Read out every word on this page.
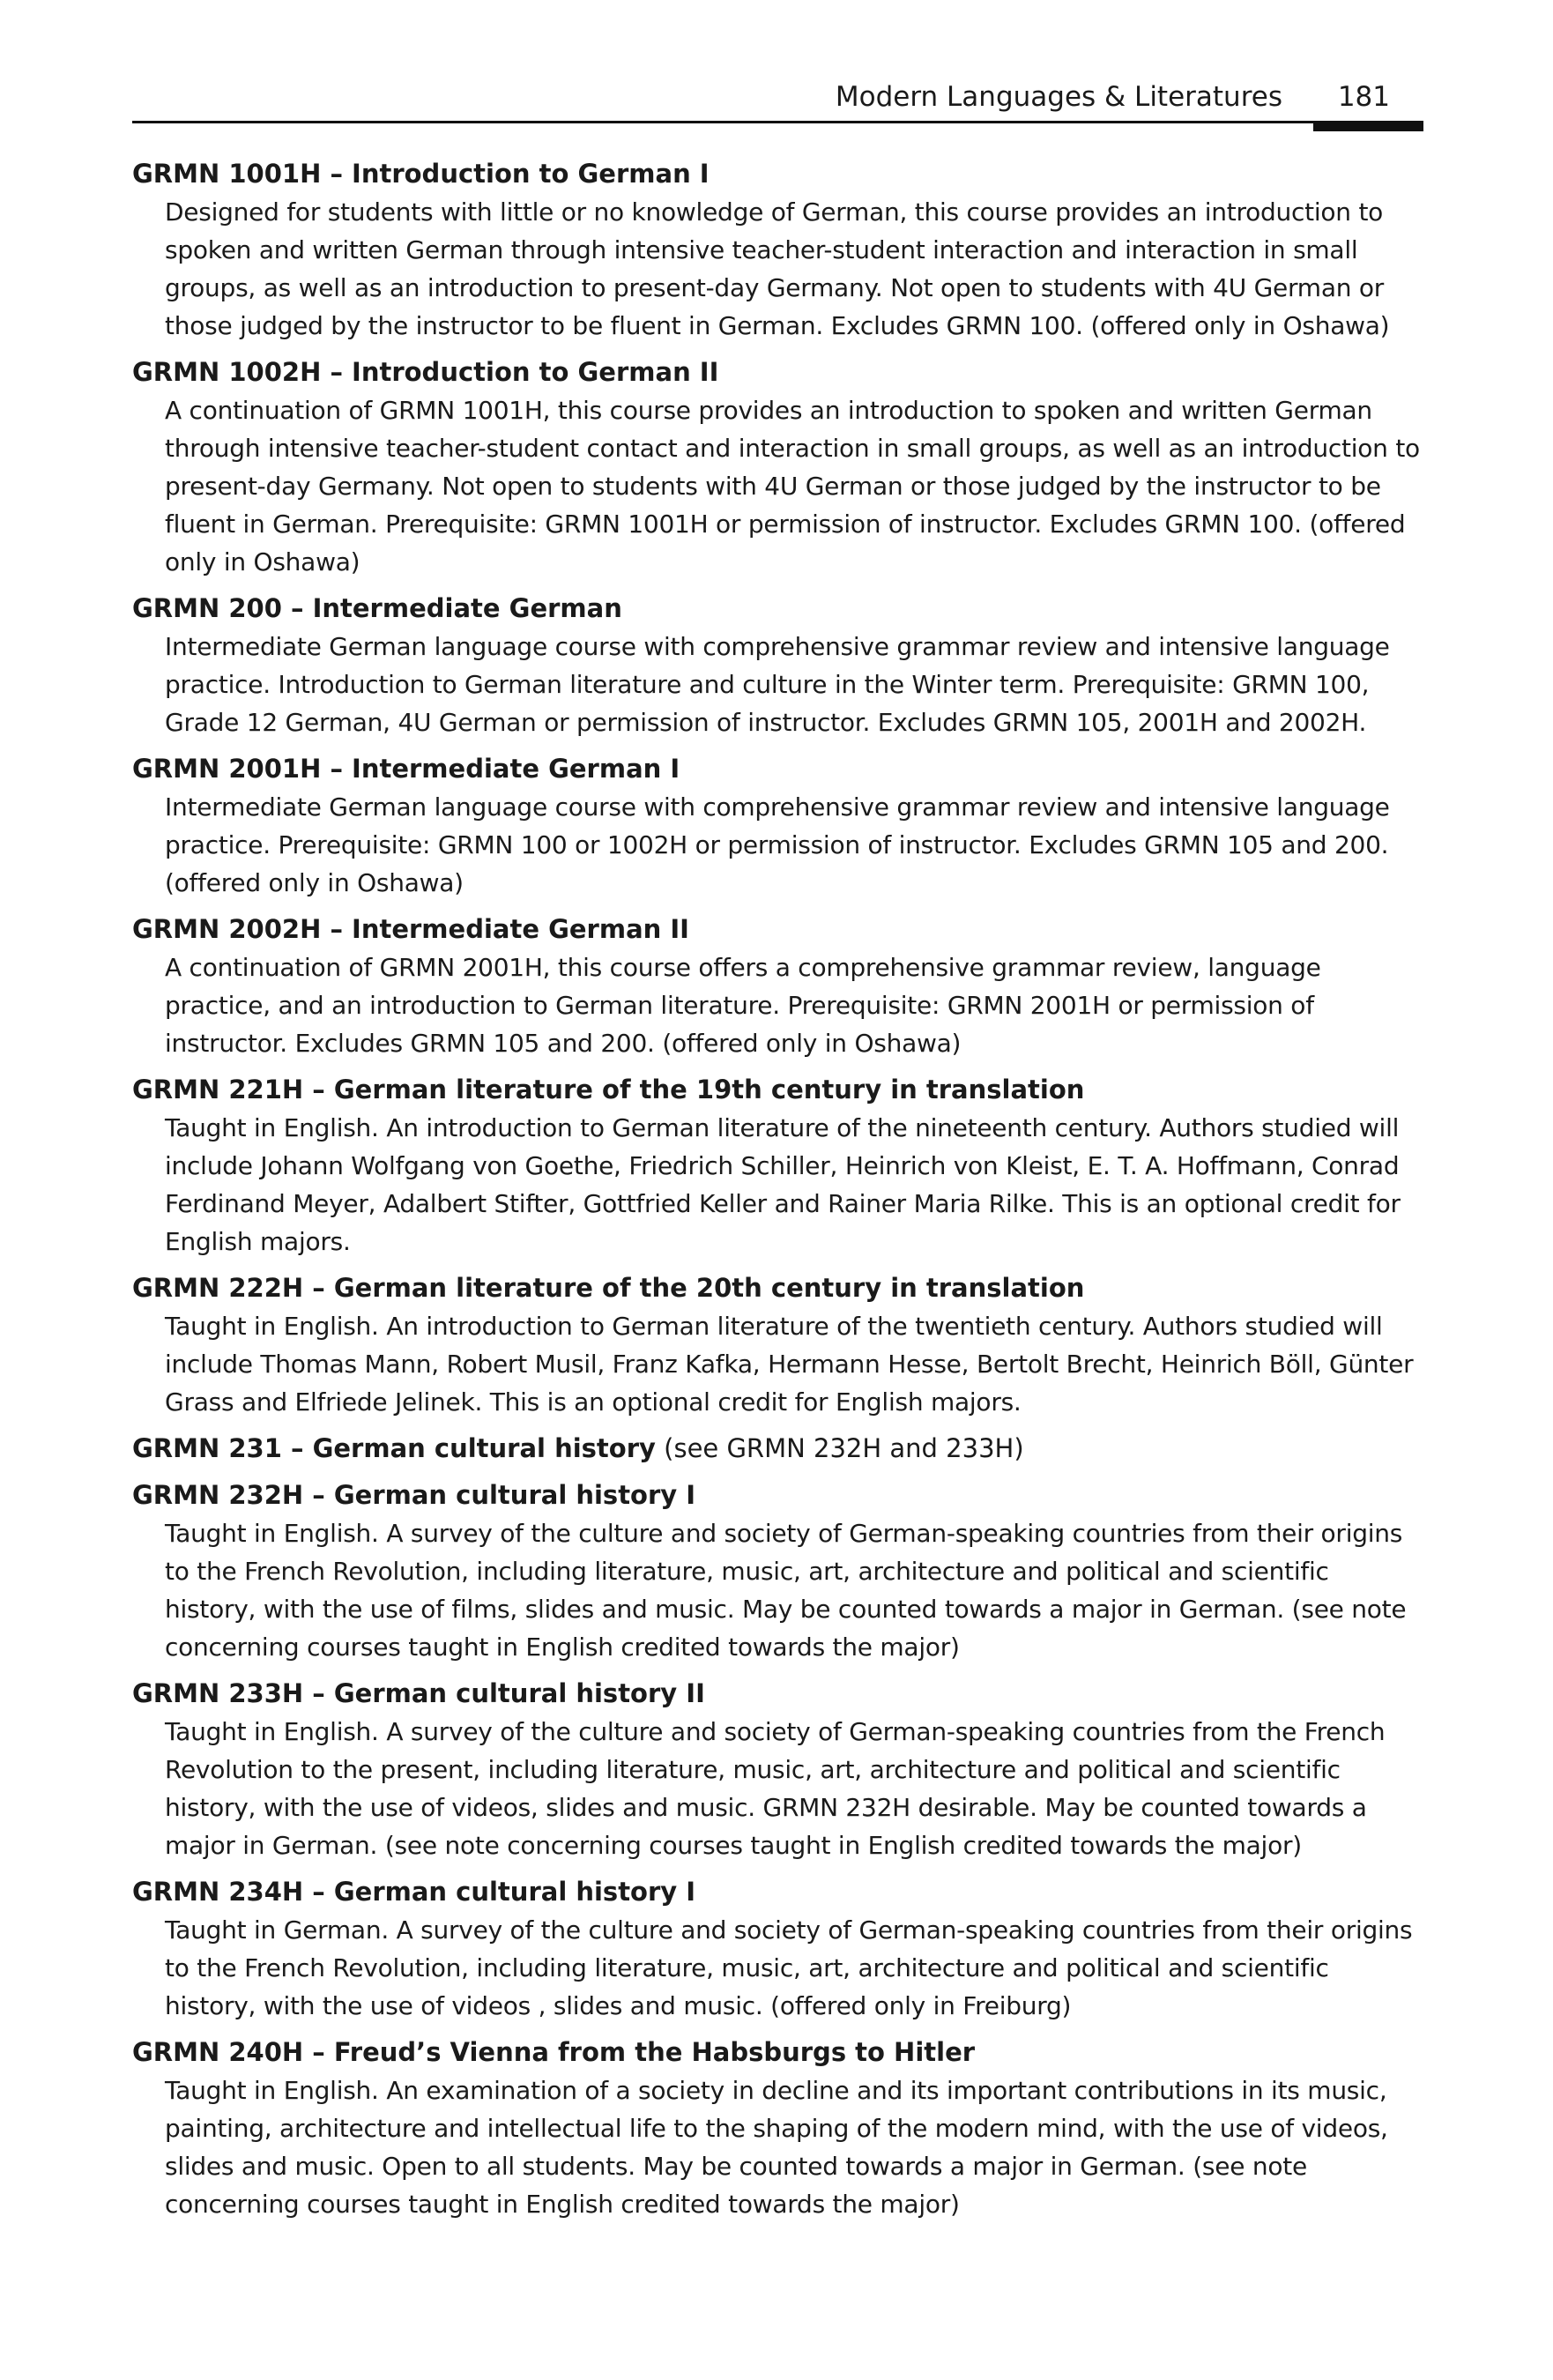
Modern Languages & Literatures 181
GRMN 1001H – Introduction to German I
Designed for students with little or no knowledge of German, this course provides an introduction to spoken and written German through intensive teacher-student interaction and interaction in small groups, as well as an introduction to present-day Germany. Not open to students with 4U German or those judged by the instructor to be fluent in German. Excludes GRMN 100. (offered only in Oshawa)
GRMN 1002H – Introduction to German II
A continuation of GRMN 1001H, this course provides an introduction to spoken and written German through intensive teacher-student contact and interaction in small groups, as well as an introduction to present-day Germany. Not open to students with 4U German or those judged by the instructor to be fluent in German. Prerequisite: GRMN 1001H or permission of instructor. Excludes GRMN 100. (offered only in Oshawa)
GRMN 200 – Intermediate German
Intermediate German language course with comprehensive grammar review and intensive language practice. Introduction to German literature and culture in the Winter term. Prerequisite: GRMN 100, Grade 12 German, 4U German or permission of instructor. Excludes GRMN 105, 2001H and 2002H.
GRMN 2001H – Intermediate German I
Intermediate German language course with comprehensive grammar review and intensive language practice. Prerequisite: GRMN 100 or 1002H or permission of instructor. Excludes GRMN 105 and 200. (offered only in Oshawa)
GRMN 2002H – Intermediate German II
A continuation of GRMN 2001H, this course offers a comprehensive grammar review, language practice, and an introduction to German literature. Prerequisite: GRMN 2001H or permission of instructor. Excludes GRMN 105 and 200. (offered only in Oshawa)
GRMN 221H – German literature of the 19th century in translation
Taught in English. An introduction to German literature of the nineteenth century. Authors studied will include Johann Wolfgang von Goethe, Friedrich Schiller, Heinrich von Kleist, E. T. A. Hoffmann, Conrad Ferdinand Meyer, Adalbert Stifter, Gottfried Keller and Rainer Maria Rilke. This is an optional credit for English majors.
GRMN 222H – German literature of the 20th century in translation
Taught in English. An introduction to German literature of the twentieth century. Authors studied will include Thomas Mann, Robert Musil, Franz Kafka, Hermann Hesse, Bertolt Brecht, Heinrich Böll, Günter Grass and Elfriede Jelinek. This is an optional credit for English majors.
GRMN 231 – German cultural history (see GRMN 232H and 233H)
GRMN 232H – German cultural history I
Taught in English. A survey of the culture and society of German-speaking countries from their origins to the French Revolution, including literature, music, art, architecture and political and scientific history, with the use of films, slides and music. May be counted towards a major in German. (see note concerning courses taught in English credited towards the major)
GRMN 233H – German cultural history II
Taught in English. A survey of the culture and society of German-speaking countries from the French Revolution to the present, including literature, music, art, architecture and political and scientific history, with the use of videos, slides and music. GRMN 232H desirable. May be counted towards a major in German. (see note concerning courses taught in English credited towards the major)
GRMN 234H – German cultural history I
Taught in German. A survey of the culture and society of German-speaking countries from their origins to the French Revolution, including literature, music, art, architecture and political and scientific history, with the use of videos , slides and music. (offered only in Freiburg)
GRMN 240H – Freud’s Vienna from the Habsburgs to Hitler
Taught in English. An examination of a society in decline and its important contributions in its music, painting, architecture and intellectual life to the shaping of the modern mind, with the use of videos, slides and music. Open to all students. May be counted towards a major in German. (see note concerning courses taught in English credited towards the major)
